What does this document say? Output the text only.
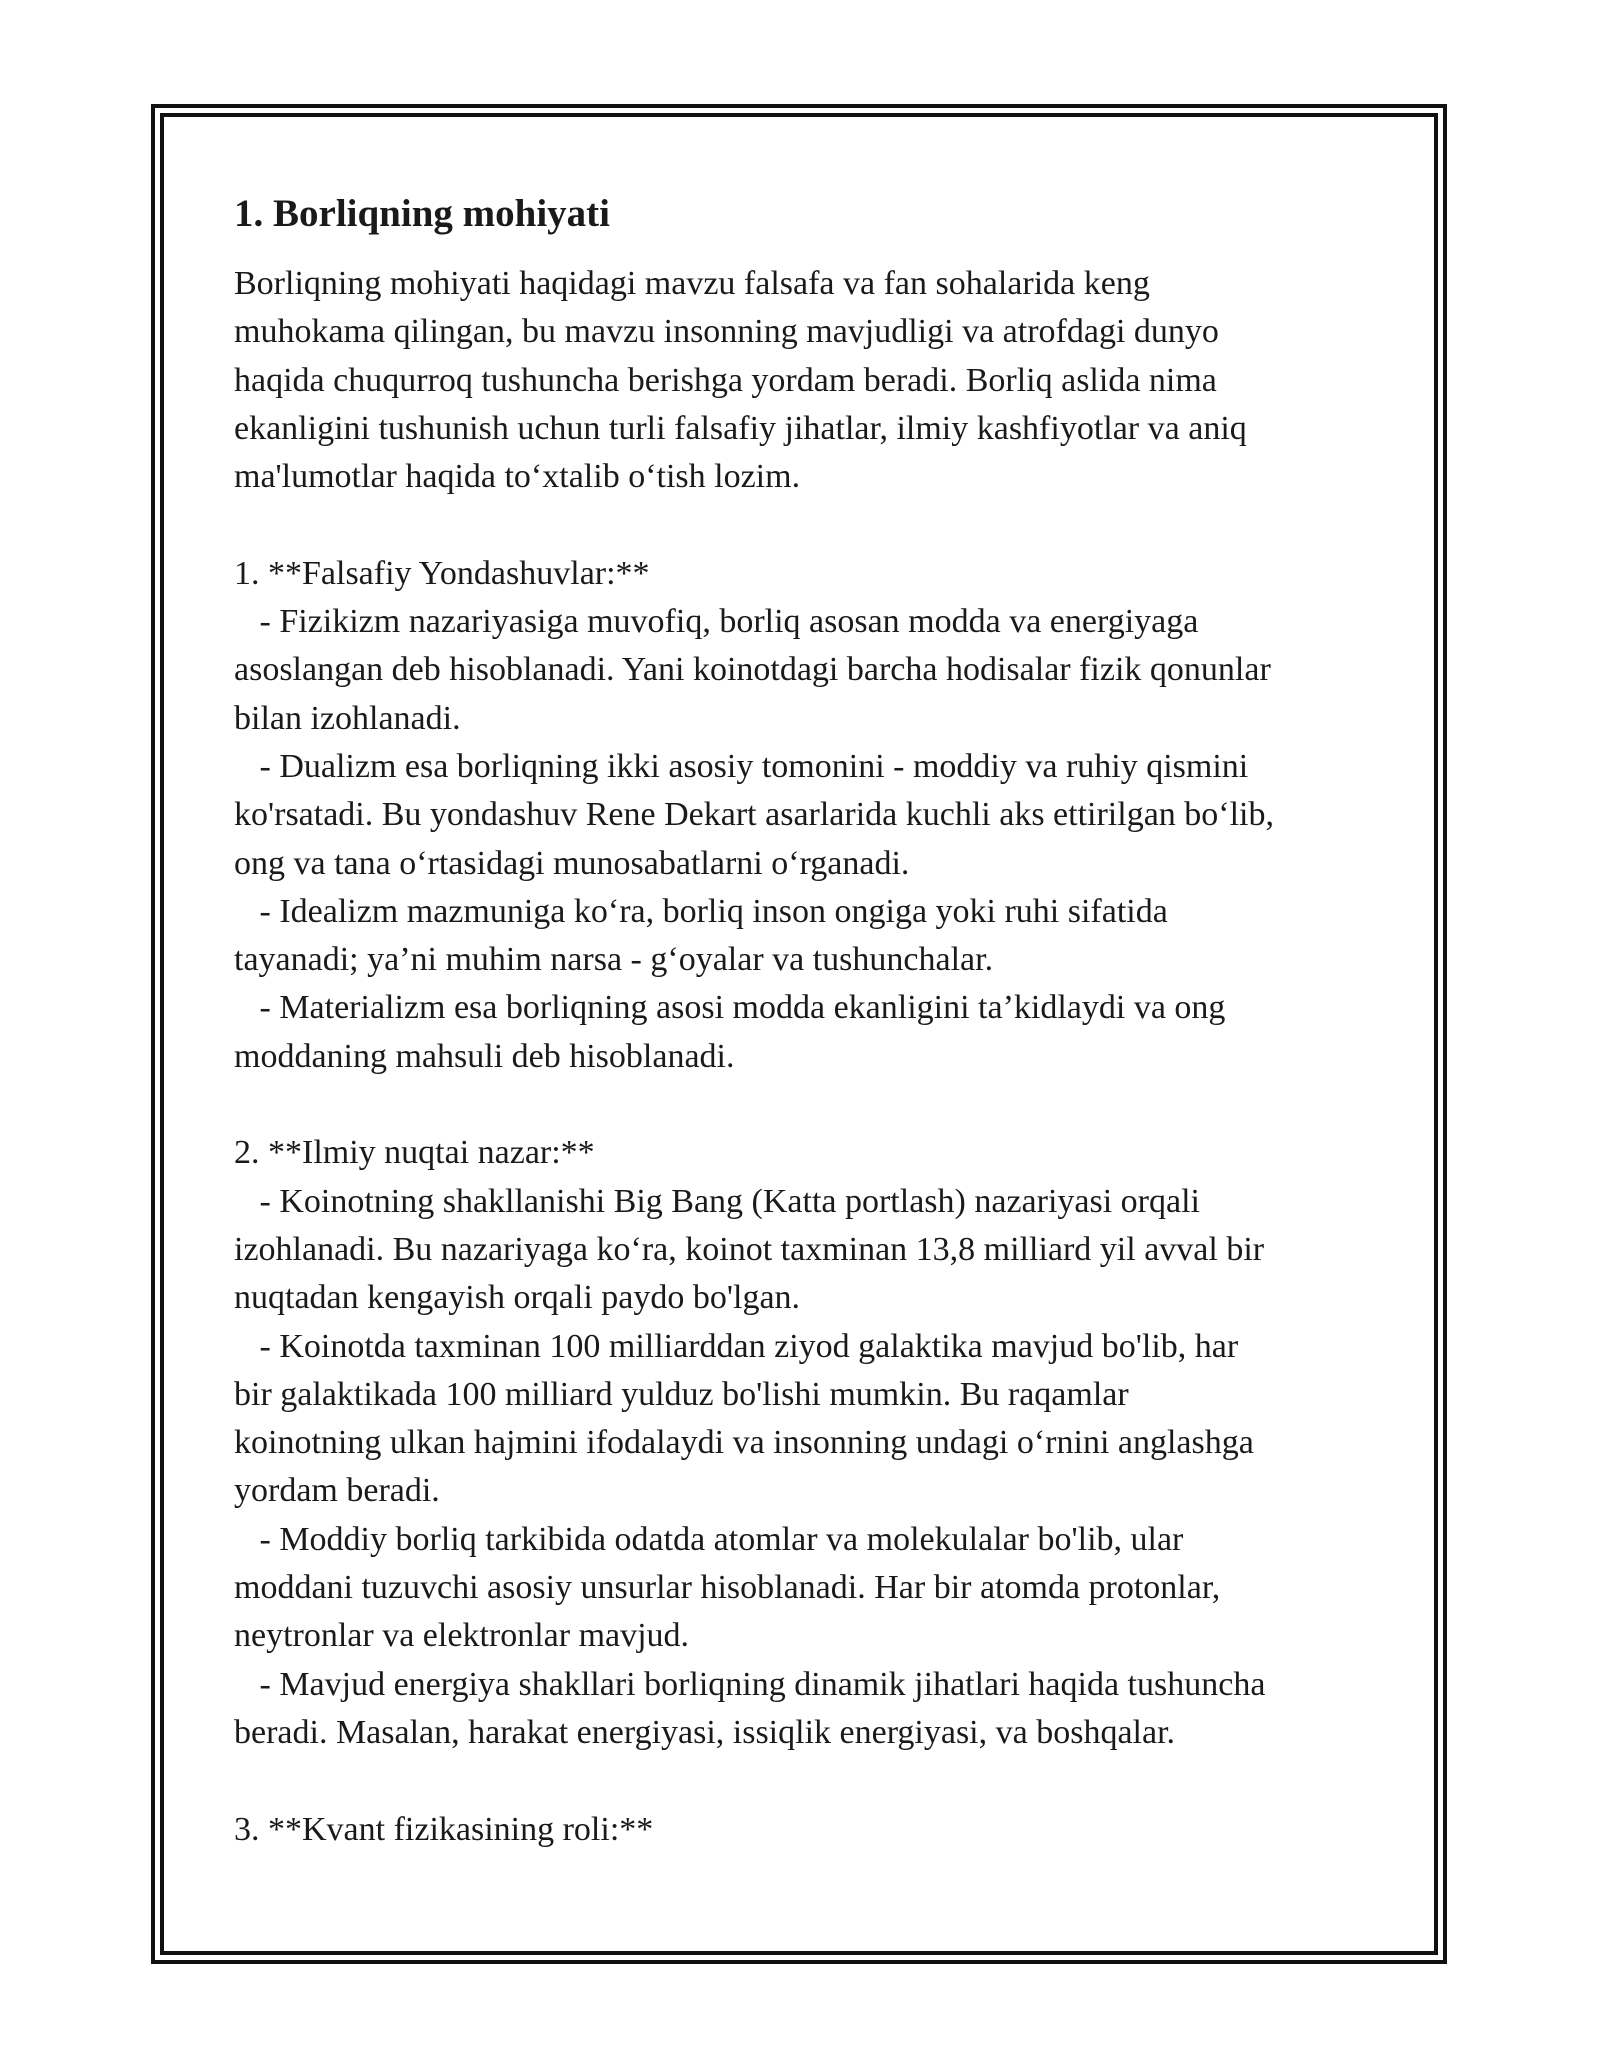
1. Borliqning mohiyati
Borliqning mohiyati haqidagi mavzu falsafa va fan sohalarida keng
muhokama qilingan, bu mavzu insonning mavjudligi va atrofdagi dunyo
haqida chuqurroq tushuncha berishga yordam beradi. Borliq aslida nima
ekanligini tushunish uchun turli falsafiy jihatlar, ilmiy kashfiyotlar va aniq
ma'lumotlar haqida to‘xtalib o‘tish lozim.

1. **Falsafiy Yondashuvlar:**
- Fizikizm nazariyasiga muvofiq, borliq asosan modda va energiyaga
asoslangan deb hisoblanadi. Yani koinotdagi barcha hodisalar fizik qonunlar
bilan izohlanadi.
- Dualizm esa borliqning ikki asosiy tomonini - moddiy va ruhiy qismini
ko'rsatadi. Bu yondashuv Rene Dekart asarlarida kuchli aks ettirilgan bo‘lib,
ong va tana o‘rtasidagi munosabatlarni o‘rganadi.
- Idealizm mazmuniga ko‘ra, borliq inson ongiga yoki ruhi sifatida
tayanadi; ya’ni muhim narsa - g‘oyalar va tushunchalar.
- Materializm esa borliqning asosi modda ekanligini ta’kidlaydi va ong
moddaning mahsuli deb hisoblanadi.

2. **Ilmiy nuqtai nazar:**
- Koinotning shakllanishi Big Bang (Katta portlash) nazariyasi orqali
izohlanadi. Bu nazariyaga ko‘ra, koinot taxminan 13,8 milliard yil avval bir
nuqtadan kengayish orqali paydo bo'lgan.
- Koinotda taxminan 100 milliarddan ziyod galaktika mavjud bo'lib, har
bir galaktikada 100 milliard yulduz bo'lishi mumkin. Bu raqamlar
koinotning ulkan hajmini ifodalaydi va insonning undagi o‘rnini anglashga
yordam beradi.
- Moddiy borliq tarkibida odatda atomlar va molekulalar bo'lib, ular
moddani tuzuvchi asosiy unsurlar hisoblanadi. Har bir atomda protonlar,
neytronlar va elektronlar mavjud.
- Mavjud energiya shakllari borliqning dinamik jihatlari haqida tushuncha
beradi. Masalan, harakat energiyasi, issiqlik energiyasi, va boshqalar.

3. **Kvant fizikasining roli:**
